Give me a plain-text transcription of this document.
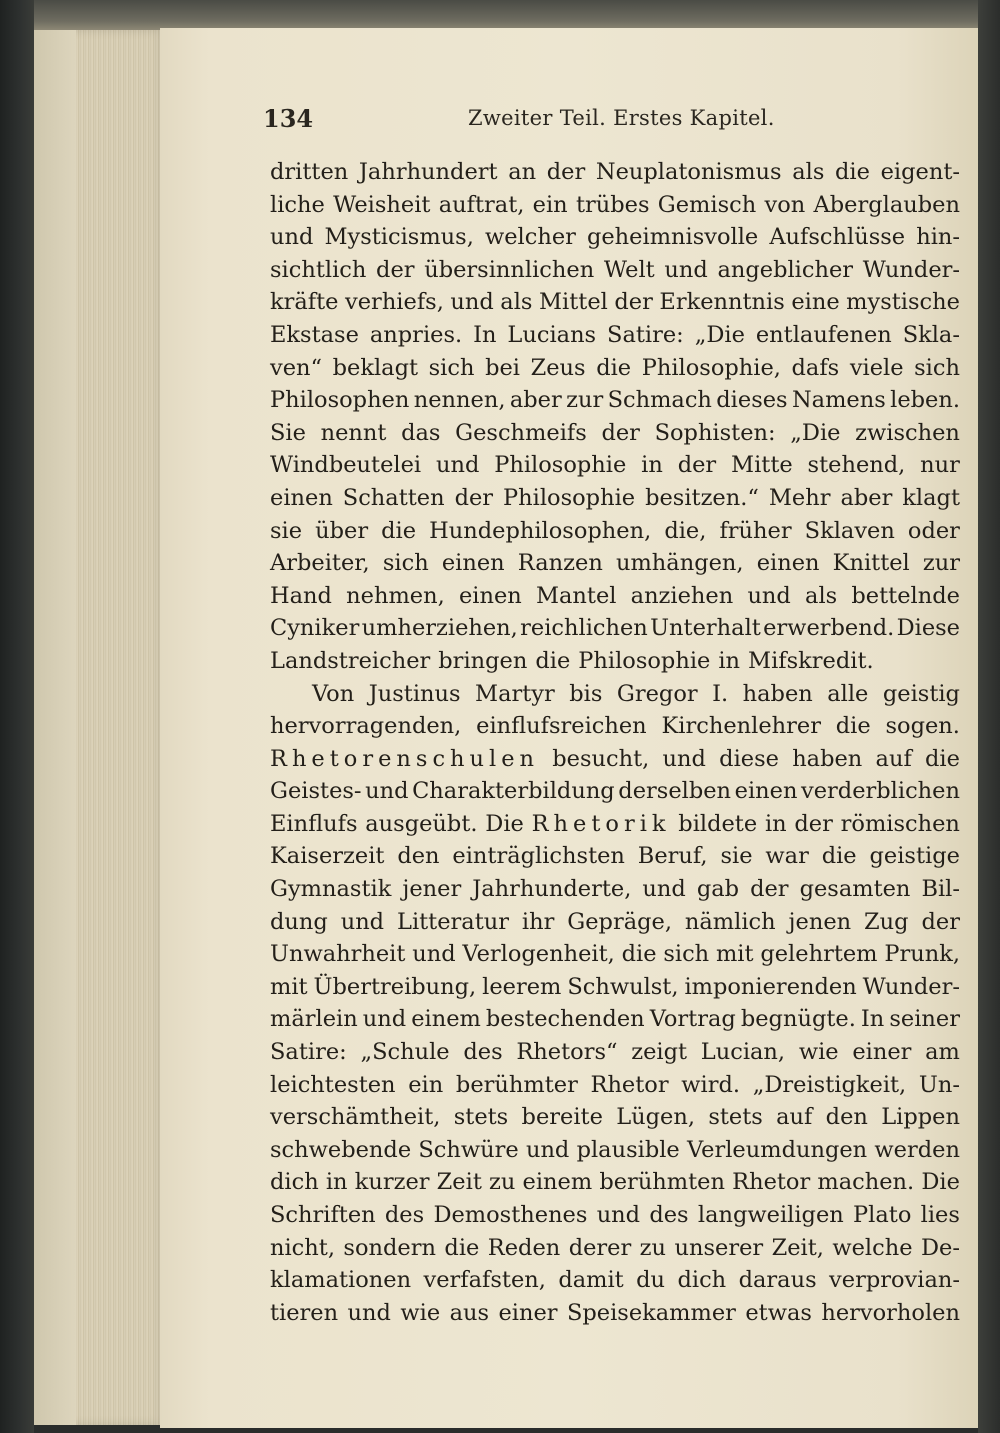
134	Zweiter Teil. Erstes Kapitel.
dritten Jahrhundert an der Neuplatonismus als die eigent-
liche Weisheit auftrat, ein trübes Gemisch von Aberglauben
und Mysticismus, welcher geheimnisvolle Aufschlüsse hin-
sichtlich der übersinnlichen Welt und angeblicher Wunder-
kräfte verhiefs, und als Mittel der Erkenntnis eine mystische
Ekstase anpries. In Lucians Satire: „Die entlaufenen Skla-
ven“ beklagt sich bei Zeus die Philosophie, dafs viele sich
Philosophen nennen, aber zur Schmach dieses Namens leben.
Sie nennt das Geschmeifs der Sophisten: „Die zwischen
Windbeutelei und Philosophie in der Mitte stehend, nur
einen Schatten der Philosophie besitzen.“ Mehr aber klagt
sie über die Hundephilosophen, die, früher Sklaven oder
Arbeiter, sich einen Ranzen umhängen, einen Knittel zur
Hand nehmen, einen Mantel anziehen und als bettelnde
Cyniker umherziehen, reichlichen Unterhalt erwerbend. Diese
Landstreicher bringen die Philosophie in Mifskredit.
Von Justinus Martyr bis Gregor I. haben alle geistig
hervorragenden, einflufsreichen Kirchenlehrer die sogen.
Rhetorenschulen besucht, und diese haben auf die
Geistes- und Charakterbildung derselben einen verderblichen
Einflufs ausgeübt. Die Rhetorik bildete in der römischen
Kaiserzeit den einträglichsten Beruf, sie war die geistige
Gymnastik jener Jahrhunderte, und gab der gesamten Bil-
dung und Litteratur ihr Gepräge, nämlich jenen Zug der
Unwahrheit und Verlogenheit, die sich mit gelehrtem Prunk,
mit Übertreibung, leerem Schwulst, imponierenden Wunder-
märlein und einem bestechenden Vortrag begnügte. In seiner
Satire: „Schule des Rhetors“ zeigt Lucian, wie einer am
leichtesten ein berühmter Rhetor wird. „Dreistigkeit, Un-
verschämtheit, stets bereite Lügen, stets auf den Lippen
schwebende Schwüre und plausible Verleumdungen werden
dich in kurzer Zeit zu einem berühmten Rhetor machen. Die
Schriften des Demosthenes und des langweiligen Plato lies
nicht, sondern die Reden derer zu unserer Zeit, welche De-
klamationen verfafsten, damit du dich daraus verprovian-
tieren und wie aus einer Speisekammer etwas hervorholen
